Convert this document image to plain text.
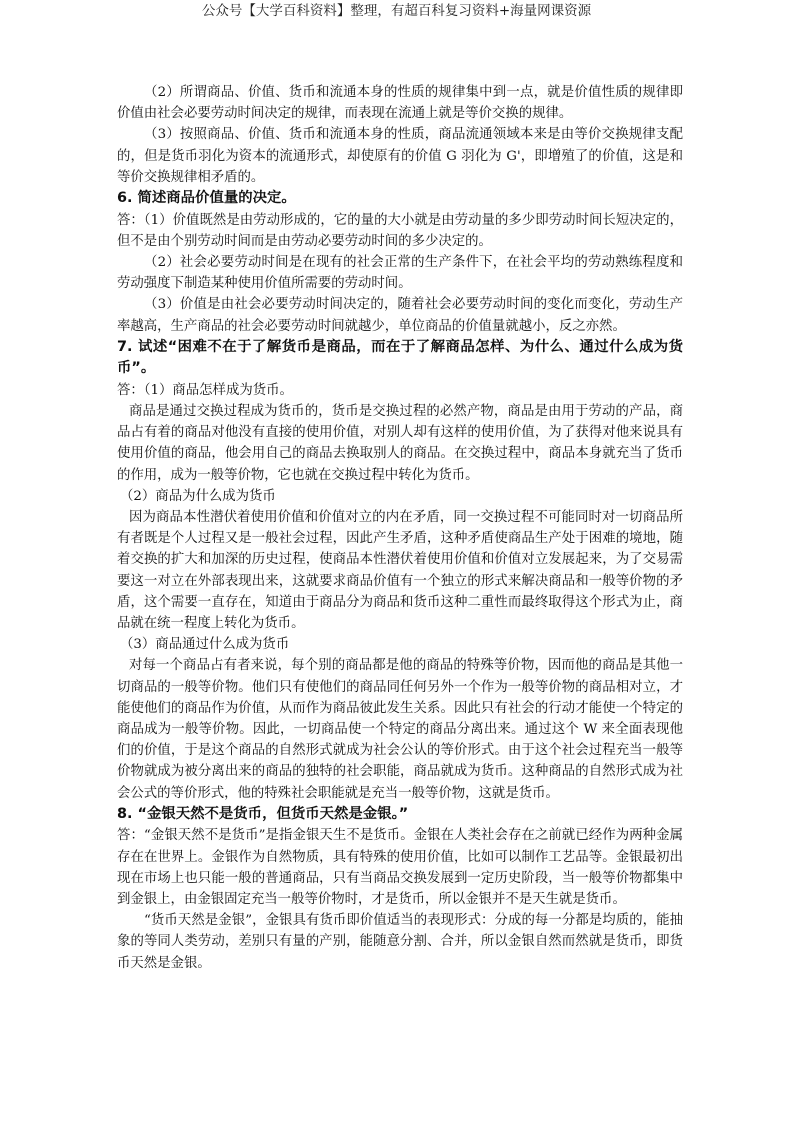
公众号【大学百科资料】整理，有超百科复习资料+海量网课资源

（2）所谓商品、价值、货币和流通本身的性质的规律集中到一点，就是价值性质的规律即价值由社会必要劳动时间决定的规律，而表现在流通上就是等价交换的规律。

（3）按照商品、价值、货币和流通本身的性质，商品流通领域本来是由等价交换规律支配的，但是货币羽化为资本的流通形式，却使原有的价值 G 羽化为 G'，即增殖了的价值，这是和等价交换规律相矛盾的。

6. 简述商品价值量的决定。

答：（1）价值既然是由劳动形成的，它的量的大小就是由劳动量的多少即劳动时间长短决定的，但不是由个别劳动时间而是由劳动必要劳动时间的多少决定的。

（2）社会必要劳动时间是在现有的社会正常的生产条件下，在社会平均的劳动熟练程度和劳动强度下制造某种使用价值所需要的劳动时间。

（3）价值是由社会必要劳动时间决定的，随着社会必要劳动时间的变化而变化，劳动生产率越高，生产商品的社会必要劳动时间就越少，单位商品的价值量就越小，反之亦然。

7. 试述“困难不在于了解货币是商品，而在于了解商品怎样、为什么、通过什么成为货币”。

答：（1）商品怎样成为货币。

商品是通过交换过程成为货币的，货币是交换过程的必然产物，商品是由用于劳动的产品，商品占有着的商品对他没有直接的使用价值，对别人却有这样的使用价值，为了获得对他来说具有使用价值的商品，他会用自己的商品去换取别人的商品。在交换过程中，商品本身就充当了货币的作用，成为一般等价物，它也就在交换过程中转化为货币。

（2）商品为什么成为货币

因为商品本性潜伏着使用价值和价值对立的内在矛盾，同一交换过程不可能同时对一切商品所有者既是个人过程又是一般社会过程，因此产生矛盾，这种矛盾使商品生产处于困难的境地，随着交换的扩大和加深的历史过程，使商品本性潜伏着使用价值和价值对立发展起来，为了交易需要这一对立在外部表现出来，这就要求商品价值有一个独立的形式来解决商品和一般等价物的矛盾，这个需要一直存在，知道由于商品分为商品和货币这种二重性而最终取得这个形式为止，商品就在统一程度上转化为货币。

（3）商品通过什么成为货币

对每一个商品占有者来说，每个别的商品都是他的商品的特殊等价物，因而他的商品是其他一切商品的一般等价物。他们只有使他们的商品同任何另外一个作为一般等价物的商品相对立，才能使他们的商品作为价值，从而作为商品彼此发生关系。因此只有社会的行动才能使一个特定的商品成为一般等价物。因此，一切商品使一个特定的商品分离出来。通过这个 W 来全面表现他们的价值，于是这个商品的自然形式就成为社会公认的等价形式。由于这个社会过程充当一般等价物就成为被分离出来的商品的独特的社会职能，商品就成为货币。这种商品的自然形式成为社会公式的等价形式，他的特殊社会职能就是充当一般等价物，这就是货币。

8. “金银天然不是货币，但货币天然是金银。”

答：“金银天然不是货币”是指金银天生不是货币。金银在人类社会存在之前就已经作为两种金属存在在世界上。金银作为自然物质，具有特殊的使用价值，比如可以制作工艺品等。金银最初出现在市场上也只能一般的普通商品，只有当商品交换发展到一定历史阶段，当一般等价物都集中到金银上，由金银固定充当一般等价物时，才是货币，所以金银并不是天生就是货币。

“货币天然是金银”，金银具有货币即价值适当的表现形式：分成的每一分都是均质的，能抽象的等同人类劳动，差别只有量的产别，能随意分割、合并，所以金银自然而然就是货币，即货币天然是金银。
